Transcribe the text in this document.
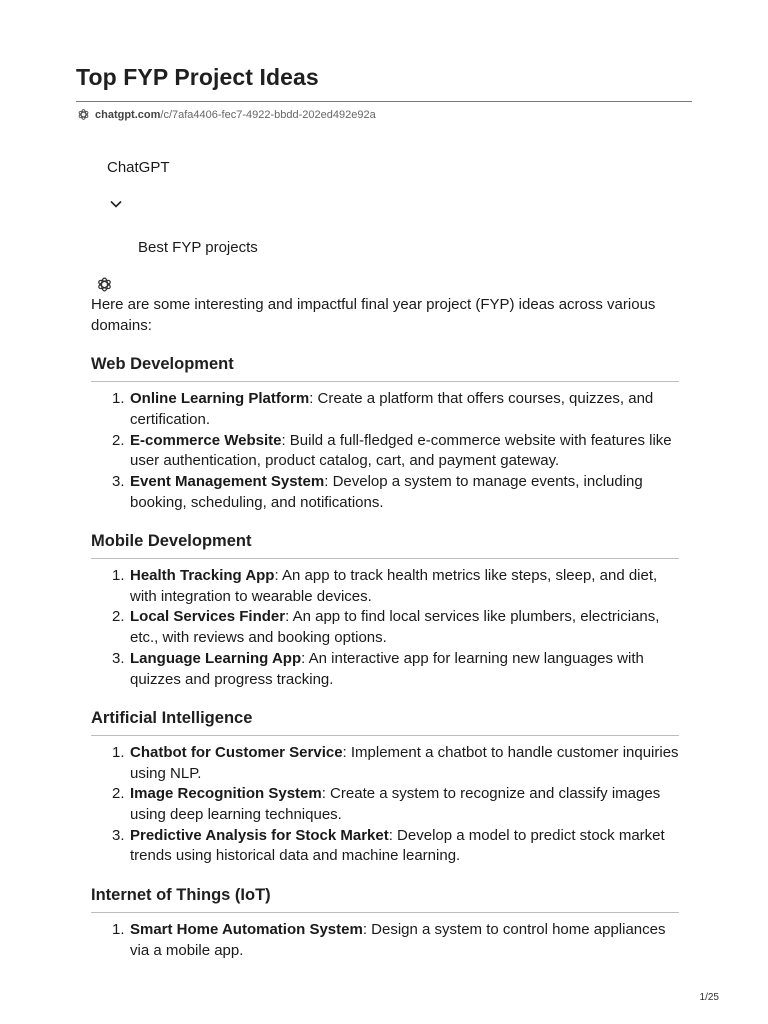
Top FYP Project Ideas
chatgpt.com /c/7afa4406-fec7-4922-bbdd-202ed492e92a
ChatGPT
Best FYP projects

Here are some interesting and impactful final year project (FYP) ideas across various domains:

Web Development
1. Online Learning Platform: Create a platform that offers courses, quizzes, and certification.
2. E-commerce Website: Build a full-fledged e-commerce website with features like user authentication, product catalog, cart, and payment gateway.
3. Event Management System: Develop a system to manage events, including booking, scheduling, and notifications.
Mobile Development
1. Health Tracking App: An app to track health metrics like steps, sleep, and diet, with integration to wearable devices.
2. Local Services Finder: An app to find local services like plumbers, electricians, etc., with reviews and booking options.
3. Language Learning App: An interactive app for learning new languages with quizzes and progress tracking.
Artificial Intelligence
1. Chatbot for Customer Service: Implement a chatbot to handle customer inquiries using NLP.
2. Image Recognition System: Create a system to recognize and classify images using deep learning techniques.
3. Predictive Analysis for Stock Market: Develop a model to predict stock market trends using historical data and machine learning.
Internet of Things (IoT)
1. Smart Home Automation System: Design a system to control home appliances via a mobile app.
1/25
